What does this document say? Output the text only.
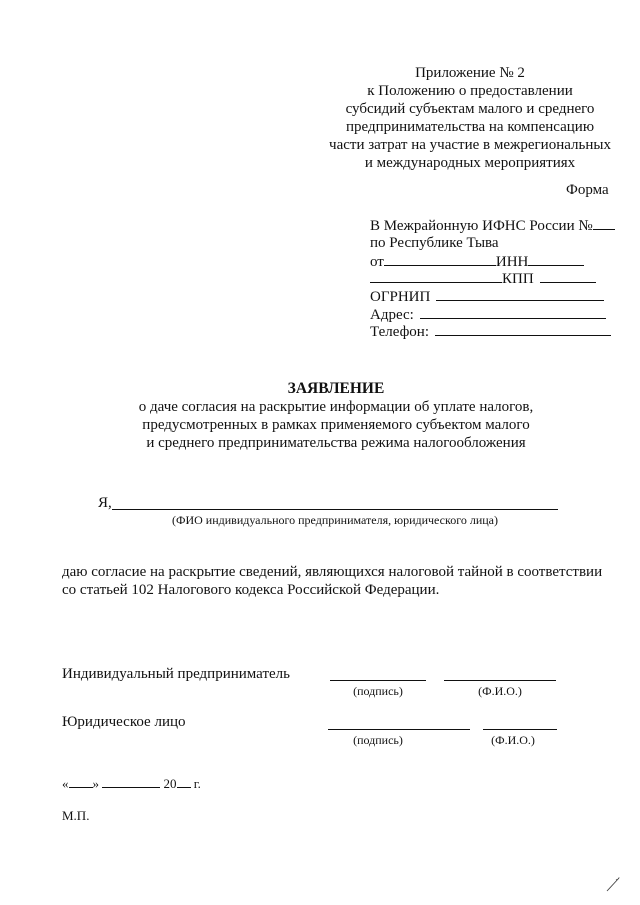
Приложение № 2
к Положению о предоставлении
субсидий субъектам малого и среднего
предпринимательства на компенсацию
части затрат на участие в межрегиональных
и международных мероприятиях
Форма
В Межрайонную ИФНС России №
по Республике Тыва
от	ИНН
КПП
ОГРНИП
Адрес:
Телефон:
ЗАЯВЛЕНИЕ
о даче согласия на раскрытие информации об уплате налогов,
предусмотренных в рамках применяемого субъектом малого
и среднего предпринимательства режима налогообложения
Я,
(ФИО индивидуального предпринимателя, юридического лица)
даю согласие на раскрытие сведений, являющихся налоговой тайной в соответствии
со статьей 102 Налогового кодекса Российской Федерации.
Индивидуальный предприниматель
(подпись)	(Ф.И.О.)
Юридическое лицо
(подпись)	(Ф.И.О.)
« »	20 г.
М.П.
